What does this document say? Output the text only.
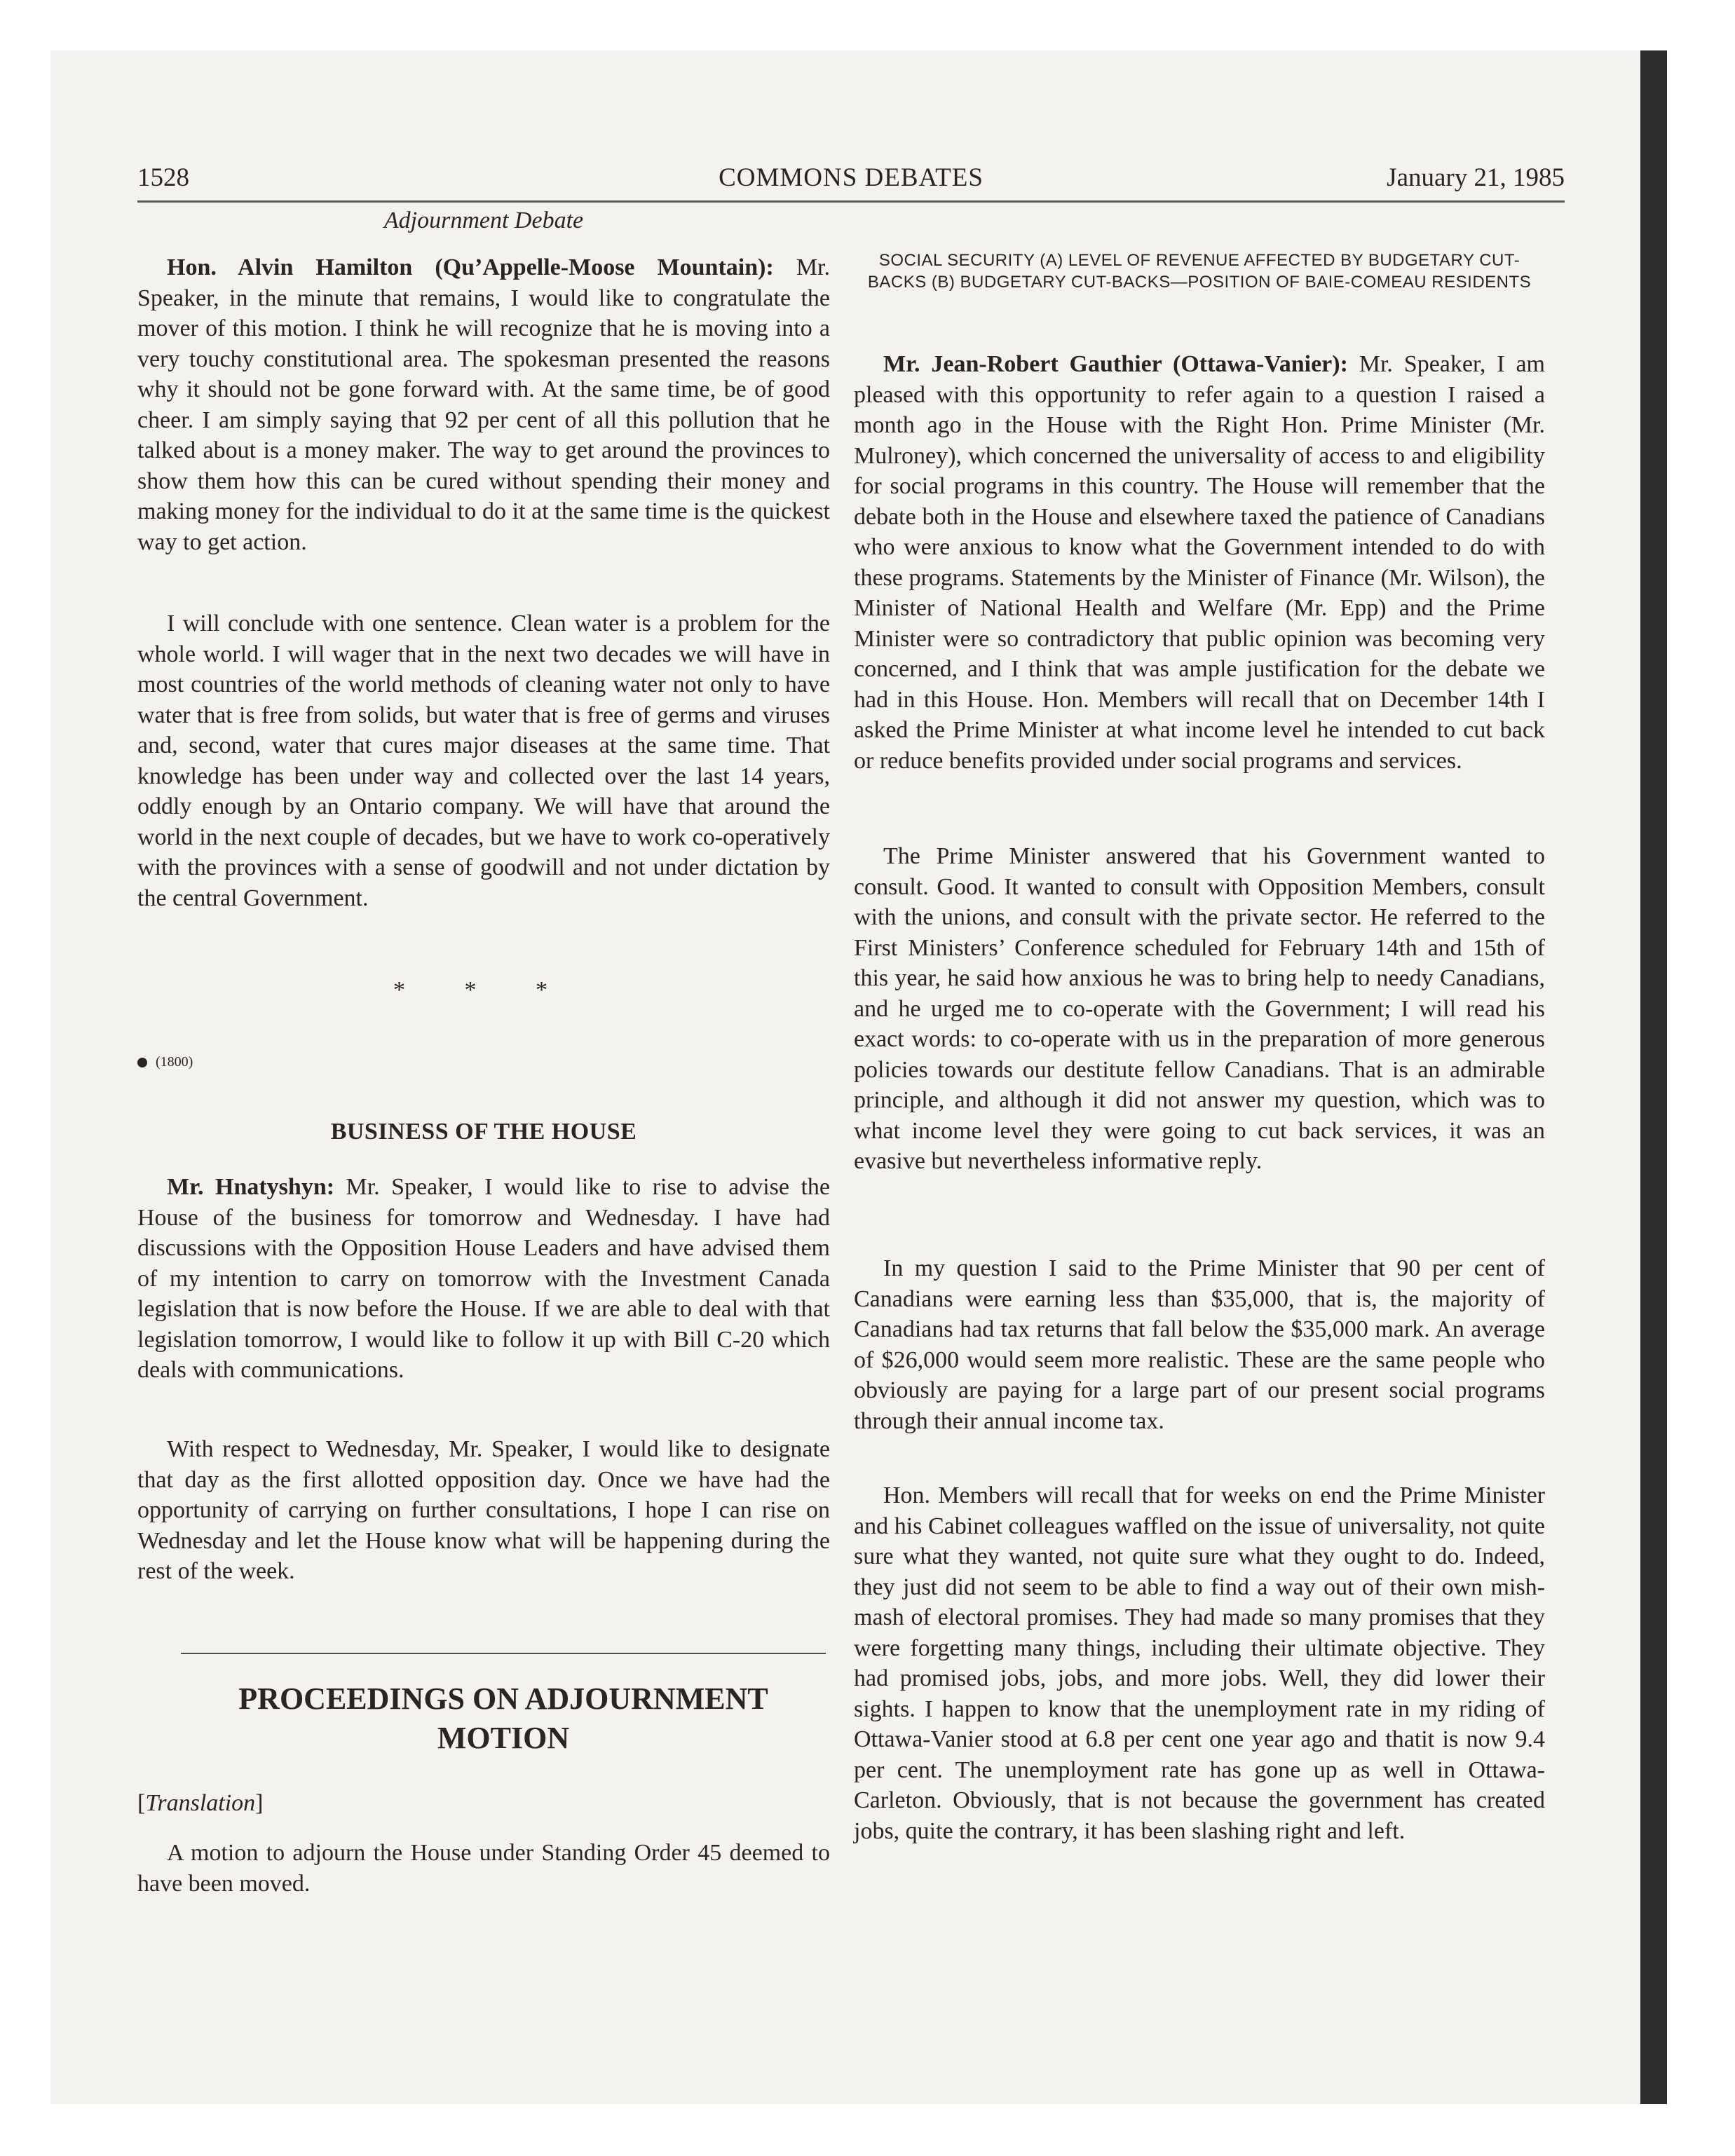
1528	COMMONS DEBATES	January 21, 1985
Adjournment Debate

Hon. Alvin Hamilton (Qu’Appelle-Moose Mountain): Mr. Speaker, in the minute that remains, I would like to congratulate the mover of this motion. I think he will recognize that he is moving into a very touchy constitutional area. The spokesman presented the reasons why it should not be gone forward with. At the same time, be of good cheer. I am simply saying that 92 per cent of all this pollution that he talked about is a money maker. The way to get around the provinces to show them how this can be cured without spending their money and making money for the individual to do it at the same time is the quickest way to get action.

I will conclude with one sentence. Clean water is a problem for the whole world. I will wager that in the next two decades we will have in most countries of the world methods of cleaning water not only to have water that is free from solids, but water that is free of germs and viruses and, second, water that cures major diseases at the same time. That knowledge has been under way and collected over the last 14 years, oddly enough by an Ontario company. We will have that around the world in the next couple of decades, but we have to work co-operatively with the provinces with a sense of goodwill and not under dictation by the central Government.

* * *
(1800)
BUSINESS OF THE HOUSE

Mr. Hnatyshyn: Mr. Speaker, I would like to rise to advise the House of the business for tomorrow and Wednesday. I have had discussions with the Opposition House Leaders and have advised them of my intention to carry on tomorrow with the Investment Canada legislation that is now before the House. If we are able to deal with that legislation tomorrow, I would like to follow it up with Bill C-20 which deals with communications.

With respect to Wednesday, Mr. Speaker, I would like to designate that day as the first allotted opposition day. Once we have had the opportunity of carrying on further consultations, I hope I can rise on Wednesday and let the House know what will be happening during the rest of the week.

PROCEEDINGS ON ADJOURNMENT MOTION
[Translation]

A motion to adjourn the House under Standing Order 45 deemed to have been moved.

SOCIAL SECURITY (A) LEVEL OF REVENUE AFFECTED BY BUDGETARY CUT-BACKS (B) BUDGETARY CUT-BACKS—POSITION OF BAIE-COMEAU RESIDENTS

Mr. Jean-Robert Gauthier (Ottawa-Vanier): Mr. Speaker, I am pleased with this opportunity to refer again to a question I raised a month ago in the House with the Right Hon. Prime Minister (Mr. Mulroney), which concerned the universality of access to and eligibility for social programs in this country. The House will remember that the debate both in the House and elsewhere taxed the patience of Canadians who were anxious to know what the Government intended to do with these programs. Statements by the Minister of Finance (Mr. Wilson), the Minister of National Health and Welfare (Mr. Epp) and the Prime Minister were so contradictory that public opinion was becoming very concerned, and I think that was ample justification for the debate we had in this House. Hon. Members will recall that on December 14th I asked the Prime Minister at what income level he intended to cut back or reduce benefits provided under social programs and services.

The Prime Minister answered that his Government wanted to consult. Good. It wanted to consult with Opposition Members, consult with the unions, and consult with the private sector. He referred to the First Ministers’ Conference scheduled for February 14th and 15th of this year, he said how anxious he was to bring help to needy Canadians, and he urged me to co-operate with the Government; I will read his exact words: to co-operate with us in the preparation of more generous policies towards our destitute fellow Canadians. That is an admirable principle, and although it did not answer my question, which was to what income level they were going to cut back services, it was an evasive but nevertheless informative reply.

In my question I said to the Prime Minister that 90 per cent of Canadians were earning less than $35,000, that is, the majority of Canadians had tax returns that fall below the $35,000 mark. An average of $26,000 would seem more realistic. These are the same people who obviously are paying for a large part of our present social programs through their annual income tax.

Hon. Members will recall that for weeks on end the Prime Minister and his Cabinet colleagues waffled on the issue of universality, not quite sure what they wanted, not quite sure what they ought to do. Indeed, they just did not seem to be able to find a way out of their own mish-mash of electoral promises. They had made so many promises that they were forgetting many things, including their ultimate objective. They had promised jobs, jobs, and more jobs. Well, they did lower their sights. I happen to know that the unemployment rate in my riding of Ottawa-Vanier stood at 6.8 per cent one year ago and thatit is now 9.4 per cent. The unemployment rate has gone up as well in Ottawa-Carleton. Obviously, that is not because the government has created jobs, quite the contrary, it has been slashing right and left.
